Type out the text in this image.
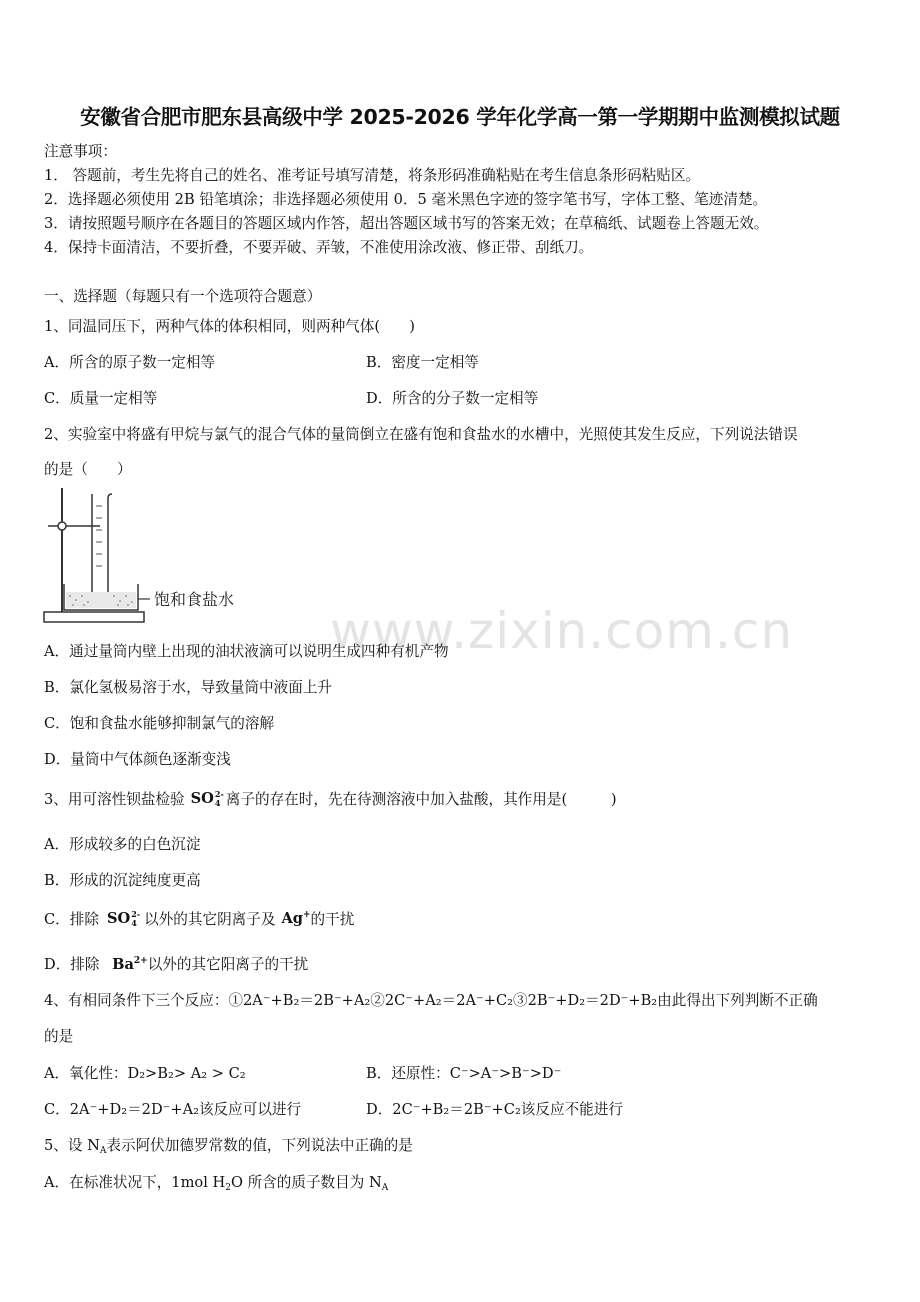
安徽省合肥市肥东县高级中学 2025-2026 学年化学高一第一学期期中监测模拟试题
注意事项：
1． 答题前，考生先将自己的姓名、准考证号填写清楚，将条形码准确粘贴在考生信息条形码粘贴区。
2．选择题必须使用 2B 铅笔填涂；非选择题必须使用 0．5 毫米黑色字迹的签字笔书写，字体工整、笔迹清楚。
3．请按照题号顺序在各题目的答题区域内作答，超出答题区域书写的答案无效；在草稿纸、试题卷上答题无效。
4．保持卡面清洁，不要折叠，不要弄破、弄皱，不准使用涂改液、修正带、刮纸刀。
一、选择题（每题只有一个选项符合题意）
1、同温同压下，两种气体的体积相同，则两种气体(　　)
A．所含的原子数一定相等	B．密度一定相等
C．质量一定相等	D．所含的分子数一定相等
2、实验室中将盛有甲烷与氯气的混合气体的量筒倒立在盛有饱和食盐水的水槽中，光照使其发生反应，下列说法错误
的是（　　）
饱和食盐水
www.zixin.com.cn
A．通过量筒内壁上出现的油状液滴可以说明生成四种有机产物
B．氯化氢极易溶于水，导致量筒中液面上升
C．饱和食盐水能够抑制氯气的溶解
D．量筒中气体颜色逐渐变浅
3、用可溶性钡盐检验 SO 2-
4 离子的存在时，先在待测溶液中加入盐酸，其作用是(　　　)
A．形成较多的白色沉淀
B．形成的沉淀纯度更高
C．排除 SO 2-
4 以外的其它阴离子及 Ag+ 的干扰
D．排除 $Ba^{2+}$以外的其它阳离子的干扰
4、有相同条件下三个反应：①2A⁻+B₂＝2B⁻+A₂②2C⁻+A₂＝2A⁻+C₂③2B⁻+D₂＝2D⁻+B₂由此得出下列判断不正确
的是
A．氧化性：D₂>B₂> A₂ > C₂	B．还原性：C⁻>A⁻>B⁻>D⁻
C．2A⁻+D₂＝2D⁻+A₂该反应可以进行	D．2C⁻+B₂＝2B⁻+C₂该反应不能进行
5、设 $N_A$表示阿伏加德罗常数的值，下列说法中正确的是
A．在标准状况下，1mol $H_2O$ 所含的质子数目为 $N_A$
